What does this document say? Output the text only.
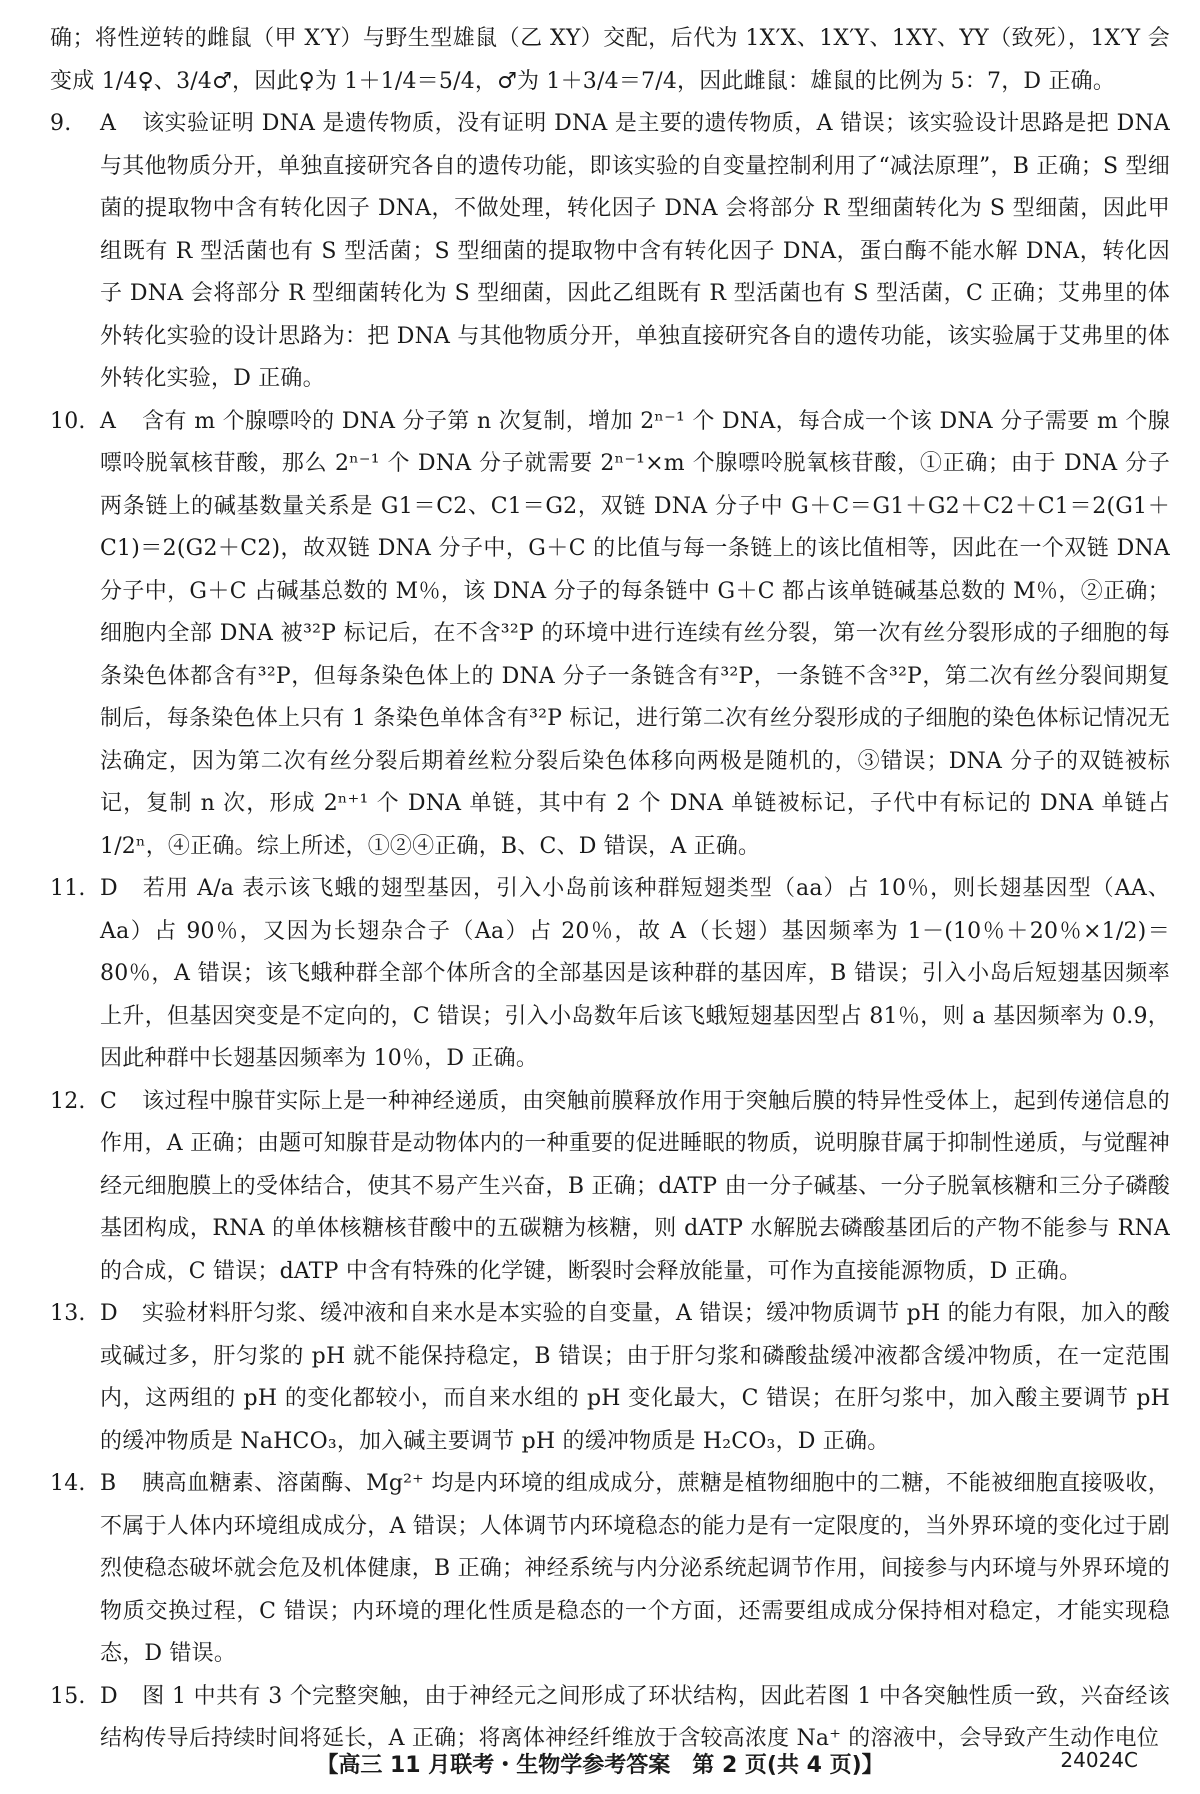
确；将性逆转的雌鼠（甲 X′Y）与野生型雄鼠（乙 XY）交配，后代为 1X′X、1X′Y、1XY、YY（致死），1X′Y 会变成 1/4♀、3/4♂，因此♀为 1＋1/4＝5/4，♂为 1＋3/4＝7/4，因此雌鼠：雄鼠的比例为 5：7，D 正确。

9. A 该实验证明 DNA 是遗传物质，没有证明 DNA 是主要的遗传物质，A 错误；该实验设计思路是把 DNA 与其他物质分开，单独直接研究各自的遗传功能，即该实验的自变量控制利用了“减法原理”，B 正确；S 型细菌的提取物中含有转化因子 DNA，不做处理，转化因子 DNA 会将部分 R 型细菌转化为 S 型细菌，因此甲组既有 R 型活菌也有 S 型活菌；S 型细菌的提取物中含有转化因子 DNA，蛋白酶不能水解 DNA，转化因子 DNA 会将部分 R 型细菌转化为 S 型细菌，因此乙组既有 R 型活菌也有 S 型活菌，C 正确；艾弗里的体外转化实验的设计思路为：把 DNA 与其他物质分开，单独直接研究各自的遗传功能，该实验属于艾弗里的体外转化实验，D 正确。

10. A 含有 m 个腺嘌呤的 DNA 分子第 n 次复制，增加 2ⁿ⁻¹ 个 DNA，每合成一个该 DNA 分子需要 m 个腺嘌呤脱氧核苷酸，那么 2ⁿ⁻¹ 个 DNA 分子就需要 2ⁿ⁻¹×m 个腺嘌呤脱氧核苷酸，①正确；由于 DNA 分子两条链上的碱基数量关系是 G1＝C2、C1＝G2，双链 DNA 分子中 G＋C＝G1＋G2＋C2＋C1＝2(G1＋C1)＝2(G2＋C2)，故双链 DNA 分子中，G＋C 的比值与每一条链上的该比值相等，因此在一个双链 DNA 分子中，G＋C 占碱基总数的 M％，该 DNA 分子的每条链中 G＋C 都占该单链碱基总数的 M％，②正确；细胞内全部 DNA 被³²P 标记后，在不含³²P 的环境中进行连续有丝分裂，第一次有丝分裂形成的子细胞的每条染色体都含有³²P，但每条染色体上的 DNA 分子一条链含有³²P，一条链不含³²P，第二次有丝分裂间期复制后，每条染色体上只有 1 条染色单体含有³²P 标记，进行第二次有丝分裂形成的子细胞的染色体标记情况无法确定，因为第二次有丝分裂后期着丝粒分裂后染色体移向两极是随机的，③错误；DNA 分子的双链被标记，复制 n 次，形成 2ⁿ⁺¹ 个 DNA 单链，其中有 2 个 DNA 单链被标记，子代中有标记的 DNA 单链占 1/2ⁿ，④正确。综上所述，①②④正确，B、C、D 错误，A 正确。

11. D 若用 A/a 表示该飞蛾的翅型基因，引入小岛前该种群短翅类型（aa）占 10％，则长翅基因型（AA、Aa）占 90％，又因为长翅杂合子（Aa）占 20％，故 A（长翅）基因频率为 1－(10％＋20％×1/2)＝80％，A 错误；该飞蛾种群全部个体所含的全部基因是该种群的基因库，B 错误；引入小岛后短翅基因频率上升，但基因突变是不定向的，C 错误；引入小岛数年后该飞蛾短翅基因型占 81％，则 a 基因频率为 0.9，因此种群中长翅基因频率为 10％，D 正确。

12. C 该过程中腺苷实际上是一种神经递质，由突触前膜释放作用于突触后膜的特异性受体上，起到传递信息的作用，A 正确；由题可知腺苷是动物体内的一种重要的促进睡眠的物质，说明腺苷属于抑制性递质，与觉醒神经元细胞膜上的受体结合，使其不易产生兴奋，B 正确；dATP 由一分子碱基、一分子脱氧核糖和三分子磷酸基团构成，RNA 的单体核糖核苷酸中的五碳糖为核糖，则 dATP 水解脱去磷酸基团后的产物不能参与 RNA 的合成，C 错误；dATP 中含有特殊的化学键，断裂时会释放能量，可作为直接能源物质，D 正确。

13. D 实验材料肝匀浆、缓冲液和自来水是本实验的自变量，A 错误；缓冲物质调节 pH 的能力有限，加入的酸或碱过多，肝匀浆的 pH 就不能保持稳定，B 错误；由于肝匀浆和磷酸盐缓冲液都含缓冲物质，在一定范围内，这两组的 pH 的变化都较小，而自来水组的 pH 变化最大，C 错误；在肝匀浆中，加入酸主要调节 pH 的缓冲物质是 NaHCO₃，加入碱主要调节 pH 的缓冲物质是 H₂CO₃，D 正确。

14. B 胰高血糖素、溶菌酶、Mg²⁺ 均是内环境的组成成分，蔗糖是植物细胞中的二糖，不能被细胞直接吸收，不属于人体内环境组成成分，A 错误；人体调节内环境稳态的能力是有一定限度的，当外界环境的变化过于剧烈使稳态破坏就会危及机体健康，B 正确；神经系统与内分泌系统起调节作用，间接参与内环境与外界环境的物质交换过程，C 错误；内环境的理化性质是稳态的一个方面，还需要组成成分保持相对稳定，才能实现稳态，D 错误。

15. D 图 1 中共有 3 个完整突触，由于神经元之间形成了环状结构，因此若图 1 中各突触性质一致，兴奋经该结构传导后持续时间将延长，A 正确；将离体神经纤维放于含较高浓度 Na⁺ 的溶液中，会导致产生动作电位

【高三 11 月联考・生物学参考答案　第 2 页(共 4 页)】	24024C
